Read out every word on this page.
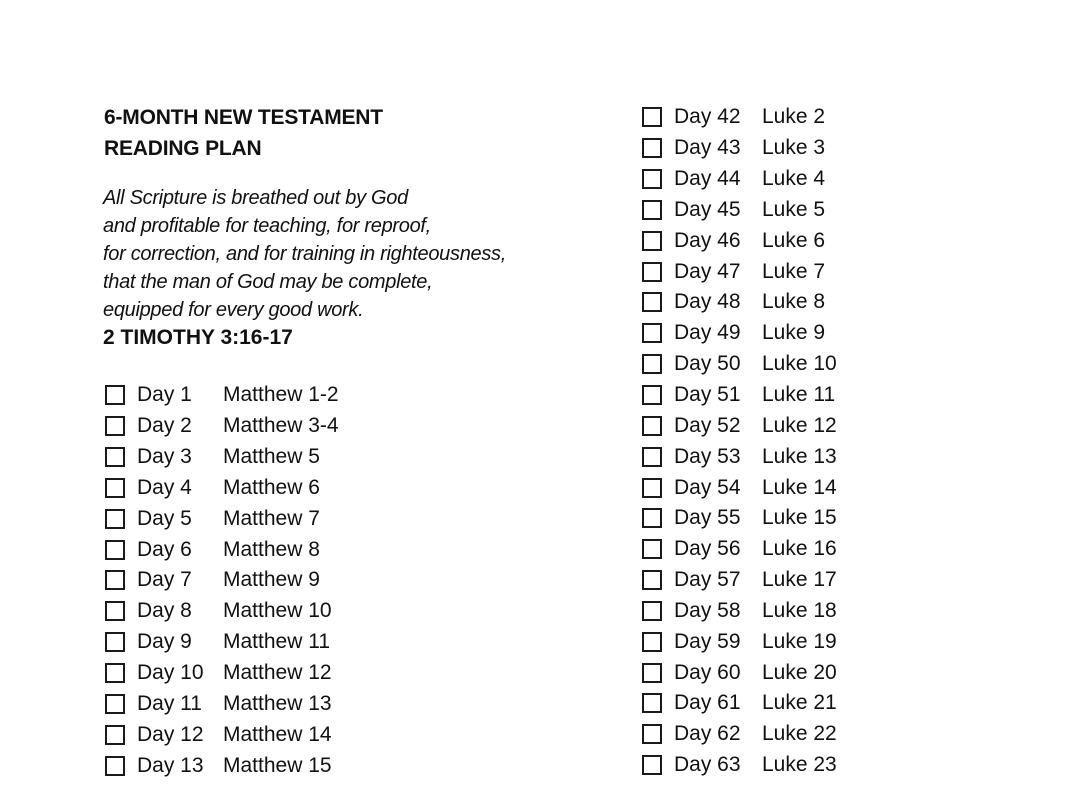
6-MONTH NEW TESTAMENT
READING PLAN

All Scripture is breathed out by God
and profitable for teaching, for reproof,
for correction, and for training in righteousness,
that the man of God may be complete,
equipped for every good work.

2 TIMOTHY 3:16-17

Day 1	Matthew 1-2
Day 2	Matthew 3-4
Day 3	Matthew 5
Day 4	Matthew 6
Day 5	Matthew 7
Day 6	Matthew 8
Day 7	Matthew 9
Day 8	Matthew 10
Day 9	Matthew 11
Day 10 Matthew 12
Day 11	Matthew 13
Day 12 Matthew 14
Day 13 Matthew 15
Day 42	Luke 2
Day 43	Luke 3
Day 44	Luke 4
Day 45	Luke 5
Day 46	Luke 6
Day 47	Luke 7
Day 48	Luke 8
Day 49	Luke 9
Day 50	Luke 10
Day 51	Luke 11
Day 52	Luke 12
Day 53	Luke 13
Day 54	Luke 14
Day 55	Luke 15
Day 56	Luke 16
Day 57	Luke 17
Day 58	Luke 18
Day 59	Luke 19
Day 60	Luke 20
Day 61	Luke 21
Day 62	Luke 22
Day 63	Luke 23
